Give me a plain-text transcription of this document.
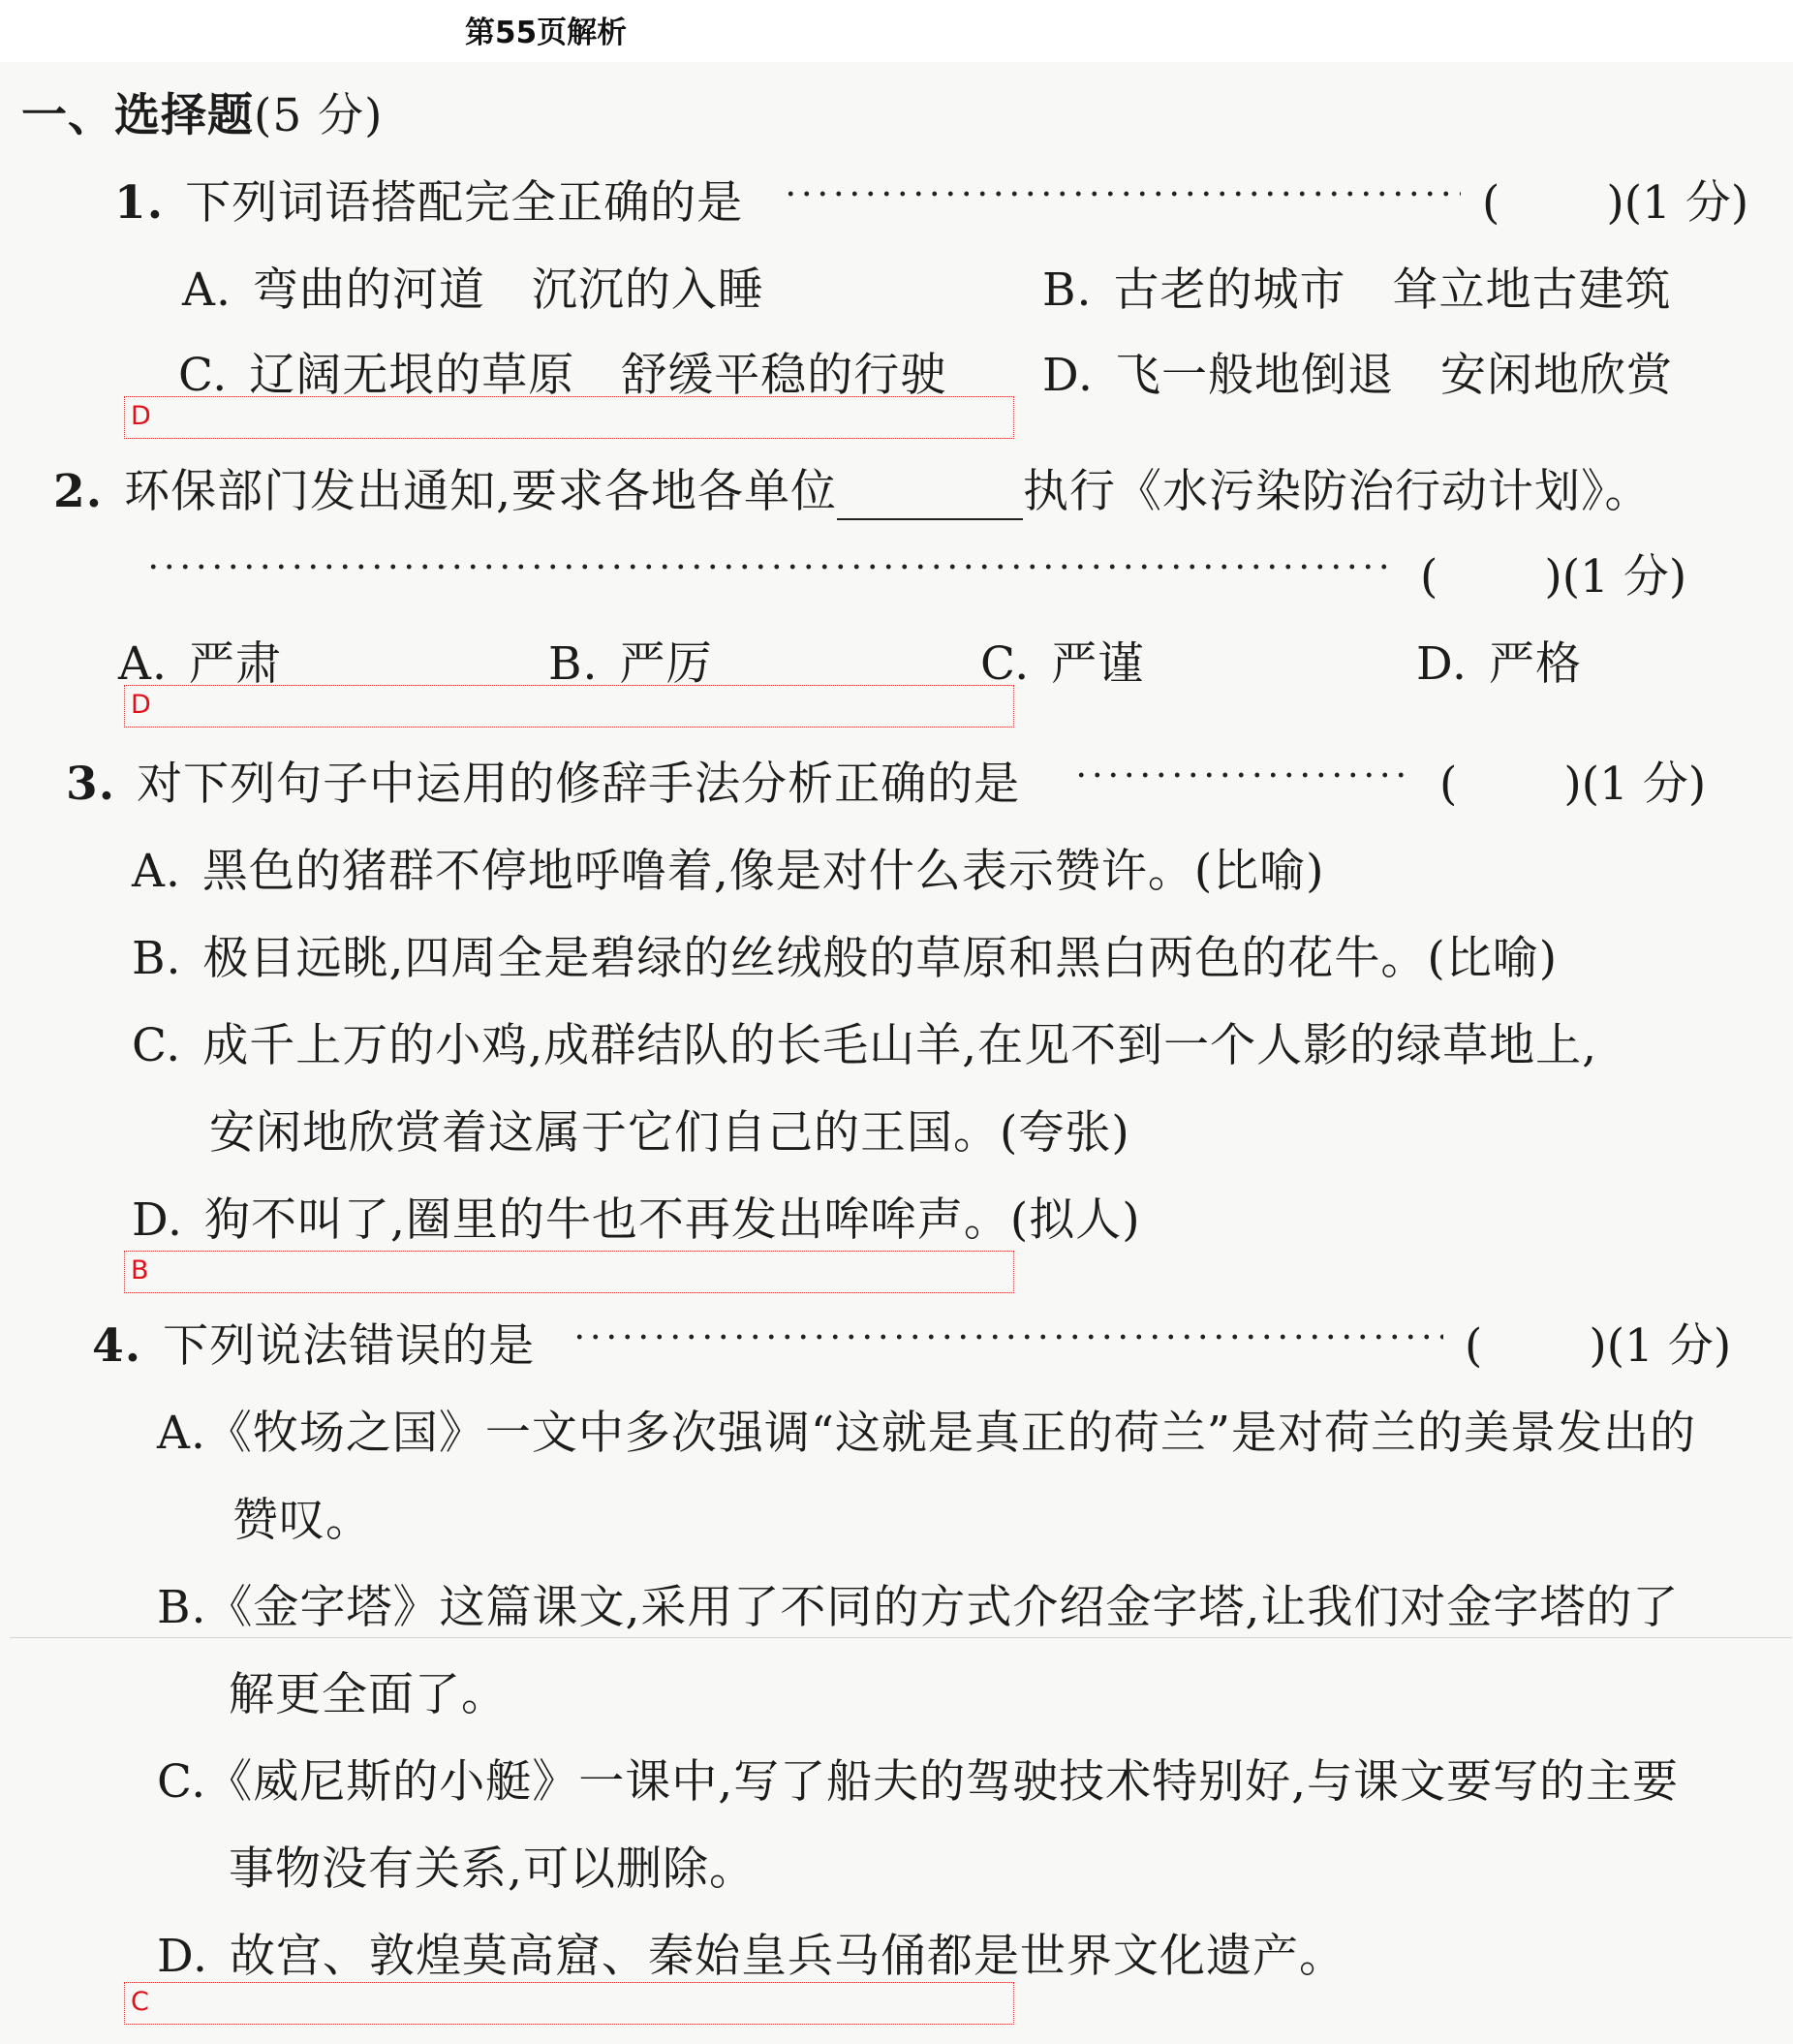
第55页解析
一、选择题(5 分)
1. 下列词语搭配完全正确的是	( )(1 分)
A. 弯曲的河道　沉沉的入睡	B. 古老的城市　耸立地古建筑
C. 辽阔无垠的草原　舒缓平稳的行驶 D. 飞一般地倒退　安闲地欣赏
D
2. 环保部门发出通知,要求各地各单位	执行《水污染防治行动计划》。
( )(1 分)
A. 严肃	B. 严厉	C. 严谨	D. 严格
D
3. 对下列句子中运用的修辞手法分析正确的是	( )(1 分)
A. 黑色的猪群不停地呼噜着,像是对什么表示赞许。(比喻)
B. 极目远眺,四周全是碧绿的丝绒般的草原和黑白两色的花牛。(比喻)
C. 成千上万的小鸡,成群结队的长毛山羊,在见不到一个人影的绿草地上,
安闲地欣赏着这属于它们自己的王国。(夸张)
D. 狗不叫了,圈里的牛也不再发出哞哞声。(拟人)
B
4. 下列说法错误的是	( )(1 分)
A.《牧场之国》一文中多次强调“这就是真正的荷兰”是对荷兰的美景发出的
赞叹。
B.《金字塔》这篇课文,采用了不同的方式介绍金字塔,让我们对金字塔的了
解更全面了。
C.《威尼斯的小艇》一课中,写了船夫的驾驶技术特别好,与课文要写的主要
事物没有关系,可以删除。
D. 故宫、敦煌莫高窟、秦始皇兵马俑都是世界文化遗产。
C
